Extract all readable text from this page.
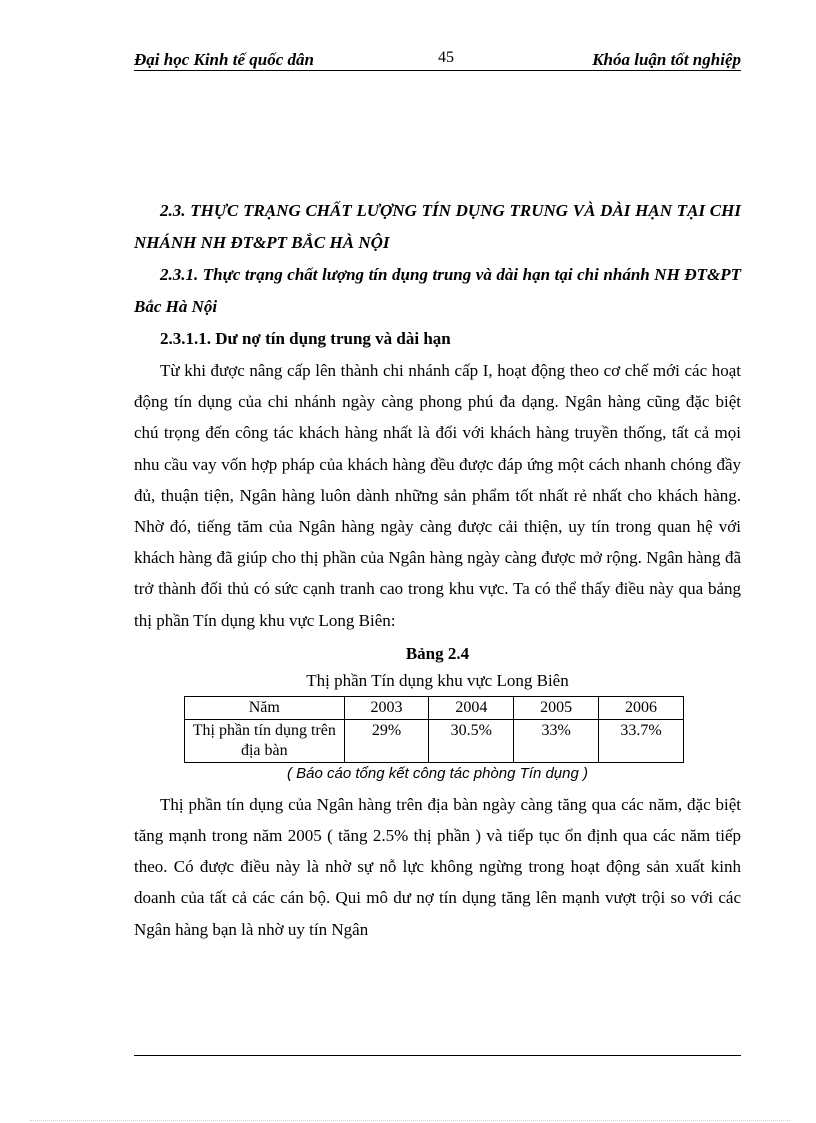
Đại học Kinh tế quốc dân	45	Khóa luận tốt nghiệp

2.3. THỰC TRẠNG CHẤT LƯỢNG TÍN DỤNG TRUNG VÀ DÀI HẠN TẠI CHI NHÁNH NH ĐT&PT BẮC HÀ NỘI

2.3.1. Thực trạng chất lượng tín dụng trung và dài hạn tại chi nhánh NH ĐT&PT Bắc Hà Nội

2.3.1.1. Dư nợ tín dụng trung và dài hạn

Từ khi được nâng cấp lên thành chi nhánh cấp I, hoạt động theo cơ chế mới các hoạt động tín dụng của chi nhánh ngày càng phong phú đa dạng. Ngân hàng cũng đặc biệt chú trọng đến công tác khách hàng nhất là đối với khách hàng truyền thống, tất cả mọi nhu cầu vay vốn hợp pháp của khách hàng đều được đáp ứng một cách nhanh chóng đầy đủ, thuận tiện, Ngân hàng luôn dành những sản phẩm tốt nhất rẻ nhất cho khách hàng. Nhờ đó, tiếng tăm của Ngân hàng ngày càng được cải thiện, uy tín trong quan hệ với khách hàng đã giúp cho thị phần của Ngân hàng ngày càng được mở rộng. Ngân hàng đã trở thành đối thủ có sức cạnh tranh cao trong khu vực. Ta có thể thấy điều này qua bảng thị phần Tín dụng khu vực Long Biên:

Bảng 2.4

Thị phần Tín dụng khu vực Long Biên

Năm	2003	2004	2005	2006
Thị phần tín dụng trên địa bàn	29%	30.5%	33%	33.7%

( Báo cáo tổng kết công tác phòng Tín dụng )

Thị phần tín dụng của Ngân hàng trên địa bàn ngày càng tăng qua các năm, đặc biệt tăng mạnh trong năm 2005 ( tăng 2.5% thị phần ) và tiếp tục ổn định qua các năm tiếp theo. Có được điều này là nhờ sự nỗ lực không ngừng trong hoạt động sản xuất kinh doanh của tất cả các cán bộ. Qui mô dư nợ tín dụng tăng lên mạnh vượt trội so với các Ngân hàng bạn là nhờ uy tín Ngân
